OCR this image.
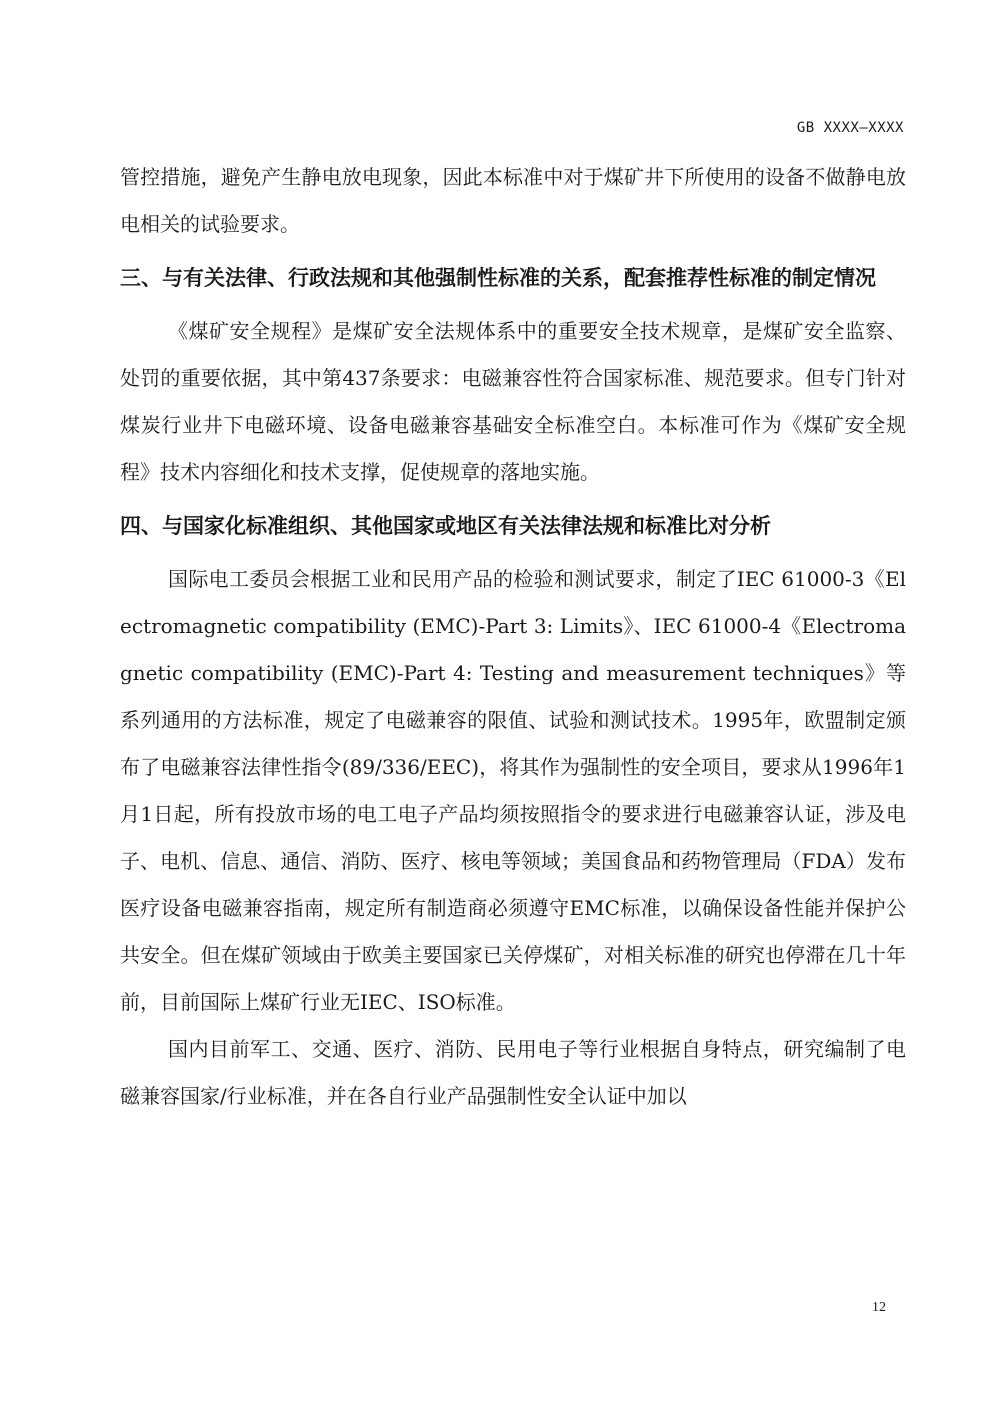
GB XXXX—XXXX

管控措施，避免产生静电放电现象，因此本标准中对于煤矿井下所使用的设备不做静电放电相关的试验要求。

三、与有关法律、行政法规和其他强制性标准的关系，配套推荐性标准的制定情况

《煤矿安全规程》是煤矿安全法规体系中的重要安全技术规章，是煤矿安全监察、处罚的重要依据，其中第437条要求：电磁兼容性符合国家标准、规范要求。但专门针对煤炭行业井下电磁环境、设备电磁兼容基础安全标准空白。本标准可作为《煤矿安全规程》技术内容细化和技术支撑，促使规章的落地实施。

四、与国家化标准组织、其他国家或地区有关法律法规和标准比对分析

国际电工委员会根据工业和民用产品的检验和测试要求，制定了IEC 61000-3《Electromagnetic compatibility (EMC)-Part 3: Limits》、IEC 61000-4《Electromagnetic compatibility (EMC)-Part 4: Testing and measurement techniques》等系列通用的方法标准，规定了电磁兼容的限值、试验和测试技术。1995年，欧盟制定颁布了电磁兼容法律性指令(89/336/EEC)，将其作为强制性的安全项目，要求从1996年1月1日起，所有投放市场的电工电子产品均须按照指令的要求进行电磁兼容认证，涉及电子、电机、信息、通信、消防、医疗、核电等领域；美国食品和药物管理局（FDA）发布医疗设备电磁兼容指南，规定所有制造商必须遵守EMC标准，以确保设备性能并保护公共安全。但在煤矿领域由于欧美主要国家已关停煤矿，对相关标准的研究也停滞在几十年前，目前国际上煤矿行业无IEC、ISO标准。

国内目前军工、交通、医疗、消防、民用电子等行业根据自身特点，研究编制了电磁兼容国家/行业标准，并在各自行业产品强制性安全认证中加以

12
